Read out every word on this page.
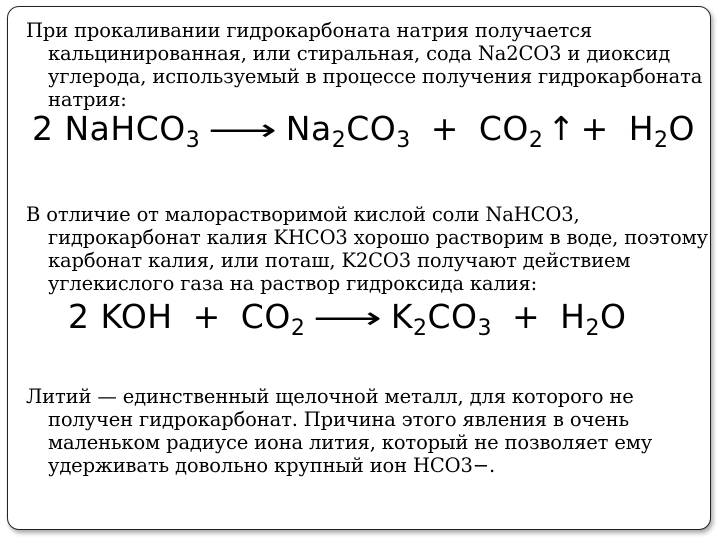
При прокаливании гидрокарбоната натрия получается кальцинированная, или стиральная, сода Na2CO3 и диоксид углерода, используемый в процессе получения гидрокарбоната натрия:

2 NaHCO$_3$ ⟶ $Na_2CO_3 + CO_2$ ↑ + $H_2O$

В отличие от малорастворимой кислой соли NaHCO3, гидрокарбонат калия KHCO3 хорошо растворим в воде, поэтому карбонат калия, или поташ, K2CO3 получают действием углекислого газа на раствор гидроксида калия:

2 KOH + $CO_2$ ⟶ $K_2CO_3 + H_2O$

Литий — единственный щелочной металл, для которого не получен гидрокарбонат. Причина этого явления в очень маленьком радиусе иона лития, который не позволяет ему удерживать довольно крупный ион HCO3−.
